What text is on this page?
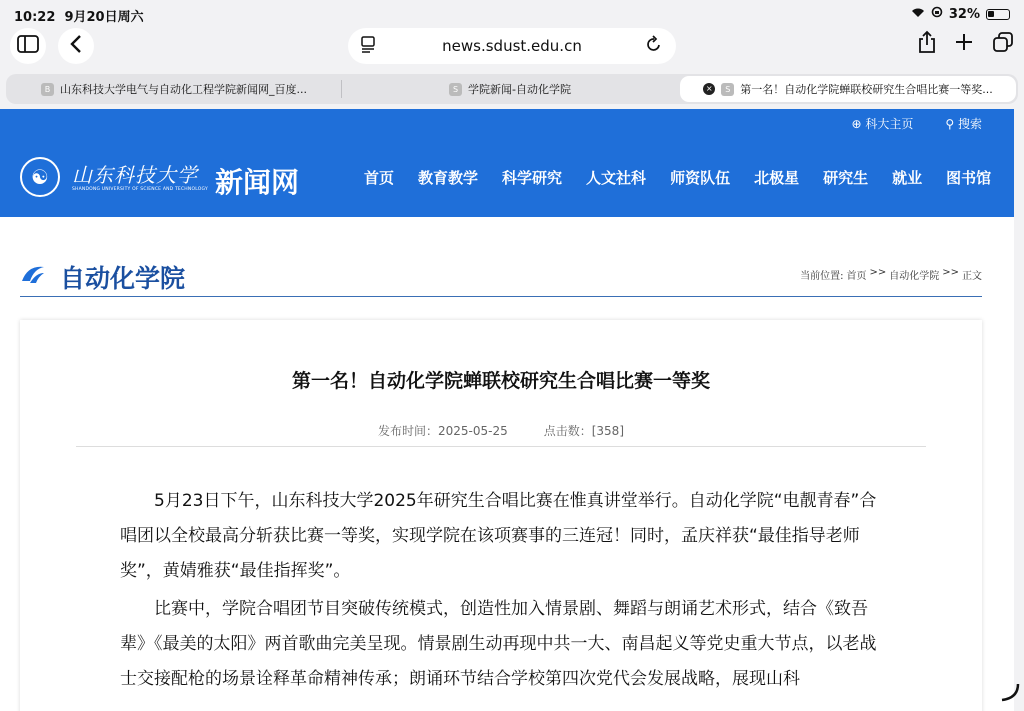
10:22 9月20日周六	32%
news.sdust.edu.cn
B 山东科技大学电气与自动化工程学院新闻网_百度...	S 学院新闻-自动化学院	×	S 第一名！自动化学院蝉联校研究生合唱比赛一等奖...
⊕ 科大主页	⚲ 搜索
☯	山东科技大学
SHANDONG UNIVERSITY OF SCIENCE AND TECHNOLOGY 新闻网	首页 教育教学 科学研究 人文社科 师资队伍 北极星 研究生 就业 图书馆
自动化学院	当前位置: 首页 >> 自动化学院 >> 正文
第一名！自动化学院蝉联校研究生合唱比赛一等奖
发布时间：2025-05-25	点击数：[358]

5月23日下午，山东科技大学2025年研究生合唱比赛在惟真讲堂举行。自动化学院“电靓青春”合唱团以全校最高分斩获比赛一等奖，实现学院在该项赛事的三连冠！同时，孟庆祥获“最佳指导老师奖”，黄婧雅获“最佳指挥奖”。

比赛中，学院合唱团节目突破传统模式，创造性加入情景剧、舞蹈与朗诵艺术形式，结合《致吾辈》《最美的太阳》两首歌曲完美呈现。情景剧生动再现中共一大、南昌起义等党史重大节点，以老战士交接配枪的场景诠释革命精神传承；朗诵环节结合学校第四次党代会发展战略，展现山科
